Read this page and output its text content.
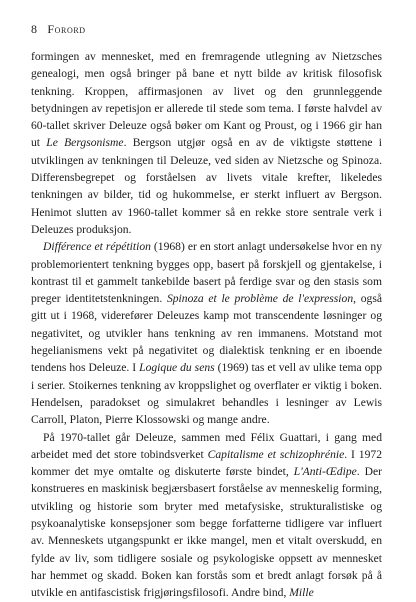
8 Forord

formingen av mennesket, med en fremragende utlegning av Nietzsches genealogi, men også bringer på bane et nytt bilde av kritisk filosofisk tenkning. Kroppen, affirmasjonen av livet og den grunnleggende betydningen av repetisjon er allerede til stede som tema. I første halvdel av 60-tallet skriver Deleuze også bøker om Kant og Proust, og i 1966 gir han ut Le Bergsonisme. Bergson utgjør også en av de viktigste støttene i utviklingen av tenkningen til Deleuze, ved siden av Nietzsche og Spinoza. Differensbegrepet og forståelsen av livets vitale krefter, likeledes tenkningen av bilder, tid og hukommelse, er sterkt influert av Bergson. Henimot slutten av 1960-tallet kommer så en rekke store sentrale verk i Deleuzes produksjon.

Différence et répétition (1968) er en stort anlagt undersøkelse hvor en ny problemorientert tenkning bygges opp, basert på forskjell og gjentakelse, i kontrast til et gammelt tankebilde basert på ferdige svar og den stasis som preger identitetstenkningen. Spinoza et le problème de l'expression, også gitt ut i 1968, viderefører Deleuzes kamp mot transcendente løsninger og negativitet, og utvikler hans tenkning av ren immanens. Motstand mot hegelianismens vekt på negativitet og dialektisk tenkning er en iboende tendens hos Deleuze. I Logique du sens (1969) tas et vell av ulike tema opp i serier. Stoikernes tenkning av kroppslighet og overflater er viktig i boken. Hendelsen, paradokset og simulakret behandles i lesninger av Lewis Carroll, Platon, Pierre Klossowski og mange andre.

På 1970-tallet går Deleuze, sammen med Félix Guattari, i gang med arbeidet med det store tobindsverket Capitalisme et schizophrénie. I 1972 kommer det mye omtalte og diskuterte første bindet, L'Anti-Œdipe. Der konstrueres en maskinisk begjærsbasert forståelse av menneskelig forming, utvikling og historie som bryter med metafysiske, strukturalistiske og psykoanalytiske konsepsjoner som begge forfatterne tidligere var influert av. Menneskets utgangspunkt er ikke mangel, men et vitalt overskudd, en fylde av liv, som tidligere sosiale og psykologiske oppsett av mennesket har hemmet og skadd. Boken kan forstås som et bredt anlagt forsøk på å utvikle en antifascistisk frigjøringsfilosofi. Andre bind, Mille
